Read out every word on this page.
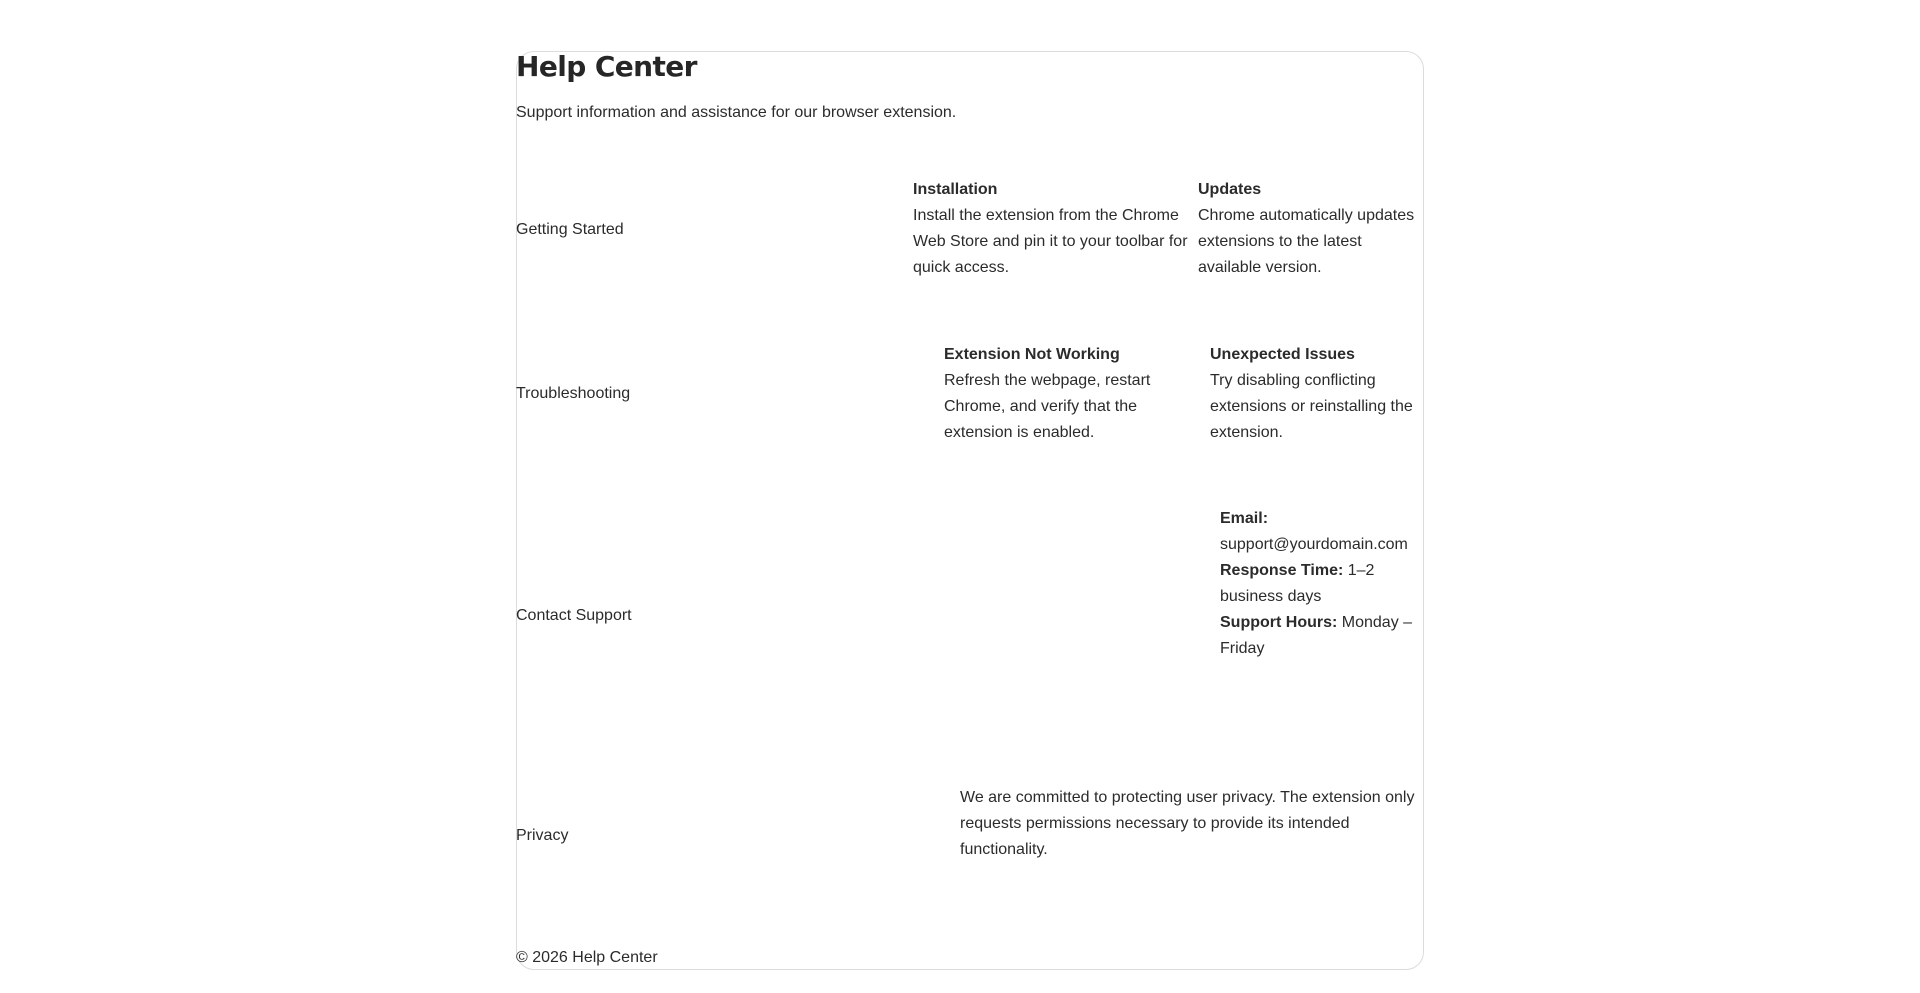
Help Center

Support information and assistance for our browser extension.

Getting Started
Installation

Install the extension from the Chrome Web Store and pin it to your toolbar for quick access.

Updates

Chrome automatically updates extensions to the latest available version.

Troubleshooting
Extension Not Working

Refresh the webpage, restart Chrome, and verify that the extension is enabled.

Unexpected Issues

Try disabling conflicting extensions or reinstalling the extension.

Contact Support

Email: support@yourdomain.com

Response Time: 1–2 business days

Support Hours: Monday – Friday

Privacy

We are committed to protecting user privacy. The extension only requests permissions necessary to provide its intended functionality.

© 2026 Help Center
